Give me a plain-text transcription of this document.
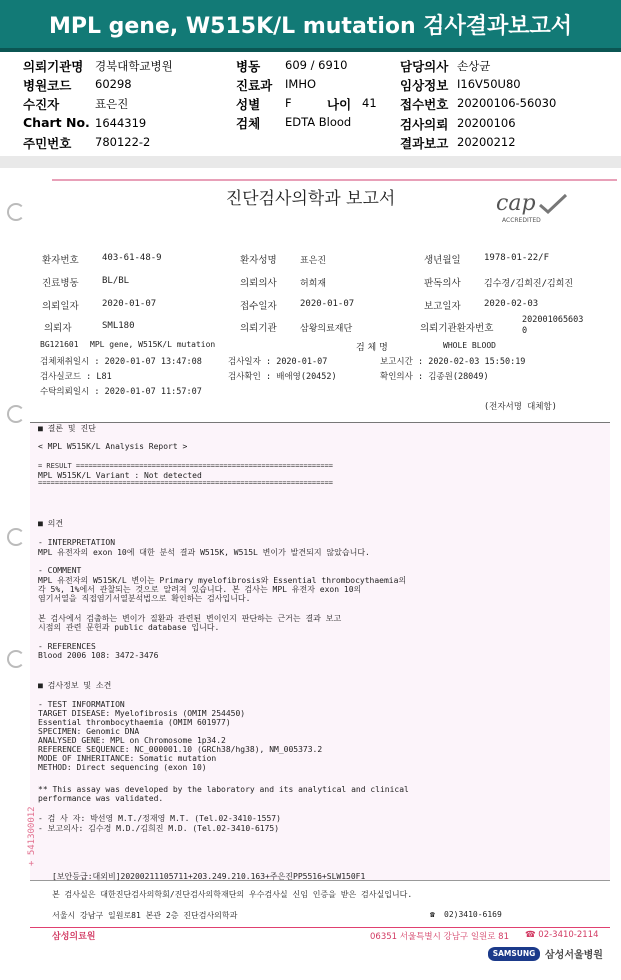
MPL gene, W515K/L mutation 검사결과보고서
의뢰기관명 경북대학교병원	병동 609 / 6910	담당의사 손상균
병원코드 60298	진료과 IMHO	임상정보 I16V50U80
수진자	표은진	성별 F	나이 41 접수번호 20200106-56030
Chart No. 1644319	검체 EDTA Blood	검사의뢰 20200106
주민번호 780122-2	결과보고 20200212
진단검사의학과 보고서	cap
ACCREDITED
환자번호	403-61-48-9	환자성명	표은진	생년월일	1978-01-22/F
진료병동	BL/BL	의뢰의사	허희재	판독의사	김수경/김희진/김희진
의뢰일자	2020-01-07	접수일자	2020-01-07	보고일자	2020-02-03
의뢰자	SML180	의뢰기관	삼왕의료재단	의뢰기관환자번호
202001065603 0
BG121601 MPL gene, W515K/L mutation	검 체 명	WHOLE BLOOD
검체채취일시 : 2020-01-07 13:47:08	검사일자 : 2020-01-07	보고시간 : 2020-02-03 15:50:19
검사실코드 : L81	검사확인 : 배애영(20452)	확인의사 : 김종원(28049)
수탁의뢰일시 : 2020-01-07 11:57:07
(전자서명 대체함)
■ 결론 및 진단
< MPL W515K/L Analysis Report >
= RESULT =============================================================
MPL W515K/L Variant : Not detected
======================================================================
■ 의견
- INTERPRETATION
MPL 유전자의 exon 10에 대한 분석 결과 W515K, W515L 변이가 발견되지 않았습니다.
- COMMENT
MPL 유전자의 W515K/L 변이는 Primary myelofibrosis와 Essential thrombocythaemia의
각 5%, 1%에서 관찰되는 것으로 알려져 있습니다. 본 검사는 MPL 유전자 exon 10의
염기서열을 직접염기서열분석법으로 확인하는 검사입니다.
본 검사에서 검출하는 변이가 질환과 관련된 변이인지 판단하는 근거는 결과 보고
시점의 관련 문헌과 public database 입니다.
- REFERENCES
Blood 2006 108: 3472-3476
■ 검사정보 및 소견
- TEST INFORMATION
TARGET DISEASE: Myelofibrosis (OMIM 254450)
Essential thrombocythaemia (OMIM 601977)
SPECIMEN: Genomic DNA
ANALYSED GENE: MPL on Chromosome 1p34.2
REFERENCE SEQUENCE: NC_000001.10 (GRCh38/hg38), NM_005373.2
MODE OF INHERITANCE: Somatic mutation
METHOD: Direct sequencing (exon 10)
** This assay was developed by the laboratory and its analytical and clinical
performance was validated.
- 검 사 자: 박선영 M.T./정재영 M.T. (Tel.02-3410-1557)
- 보고의사: 김수경 M.D./김희진 M.D. (Tel.02-3410-6175)
+ 541300012
[보안등급:대외비]20200211105711+203.249.210.163+주은진PP5516+SLW150F1
본 검사실은 대한진단검사의학회/진단검사의학재단의 우수검사실 신임 인증을 받은 검사실입니다.
서울시 강남구 일원로81 본관 2층 진단검사의학과	☎ 02)3410-6169
삼성의료원	06351 서울특별시 강남구 일원로 81 ☎ 02-3410-2114
SAMSUNG 삼성서울병원
